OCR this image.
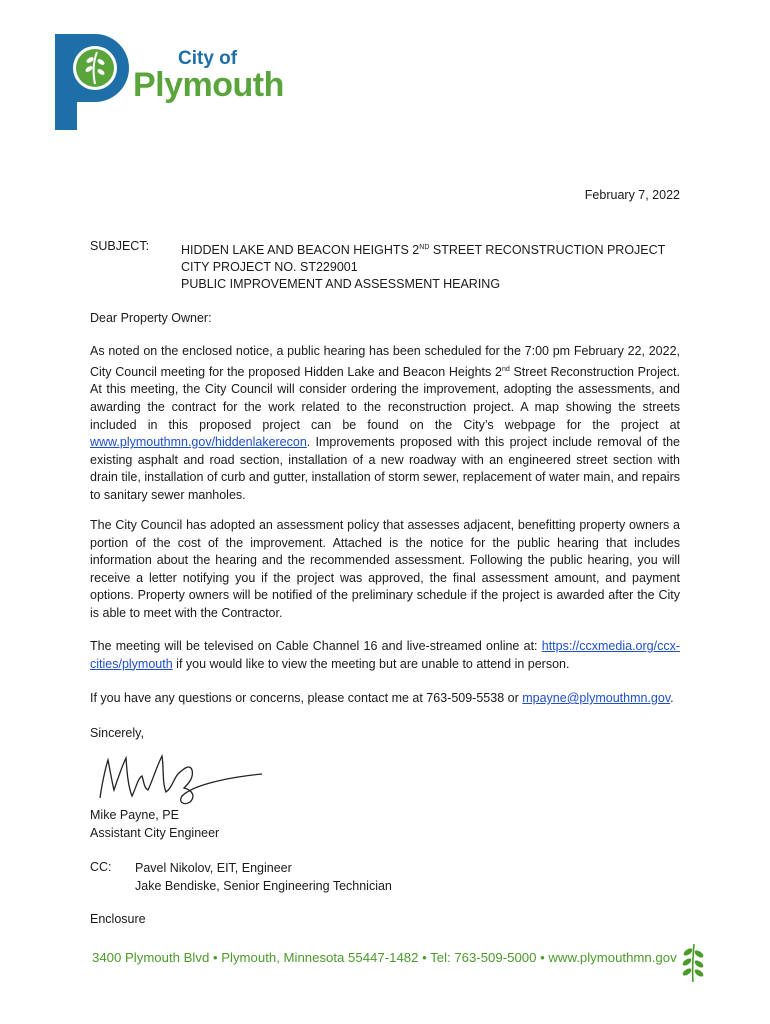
City of
Plymouth
February 7, 2022
SUBJECT:	HIDDEN LAKE AND BEACON HEIGHTS 2ND STREET RECONSTRUCTION PROJECT
CITY PROJECT NO. ST229001
PUBLIC IMPROVEMENT AND ASSESSMENT HEARING
Dear Property Owner:
As noted on the enclosed notice, a public hearing has been scheduled for the 7:00 pm February 22, 2022, City Council meeting for the proposed Hidden Lake and Beacon Heights 2nd Street Reconstruction Project. At this meeting, the City Council will consider ordering the improvement, adopting the assessments, and awarding the contract for the work related to the reconstruction project. A map showing the streets included in this proposed project can be found on the City’s webpage for the project at www.plymouthmn.gov/hiddenlakerecon. Improvements proposed with this project include removal of the existing asphalt and road section, installation of a new roadway with an engineered street section with drain tile, installation of curb and gutter, installation of storm sewer, replacement of water main, and repairs to sanitary sewer manholes.
The City Council has adopted an assessment policy that assesses adjacent, benefitting property owners a portion of the cost of the improvement. Attached is the notice for the public hearing that includes information about the hearing and the recommended assessment. Following the public hearing, you will receive a letter notifying you if the project was approved, the final assessment amount, and payment options. Property owners will be notified of the preliminary schedule if the project is awarded after the City is able to meet with the Contractor.
The meeting will be televised on Cable Channel 16 and live-streamed online at: https://ccxmedia.org/ccx-cities/plymouth if you would like to view the meeting but are unable to attend in person.
If you have any questions or concerns, please contact me at 763-509-5538 or mpayne@plymouthmn.gov.
Sincerely,
Mike Payne, PE
Assistant City Engineer
CC: Pavel Nikolov, EIT, Engineer
Jake Bendiske, Senior Engineering Technician
Enclosure
3400 Plymouth Blvd • Plymouth, Minnesota 55447-1482 • Tel: 763-509-5000 • www.plymouthmn.gov
